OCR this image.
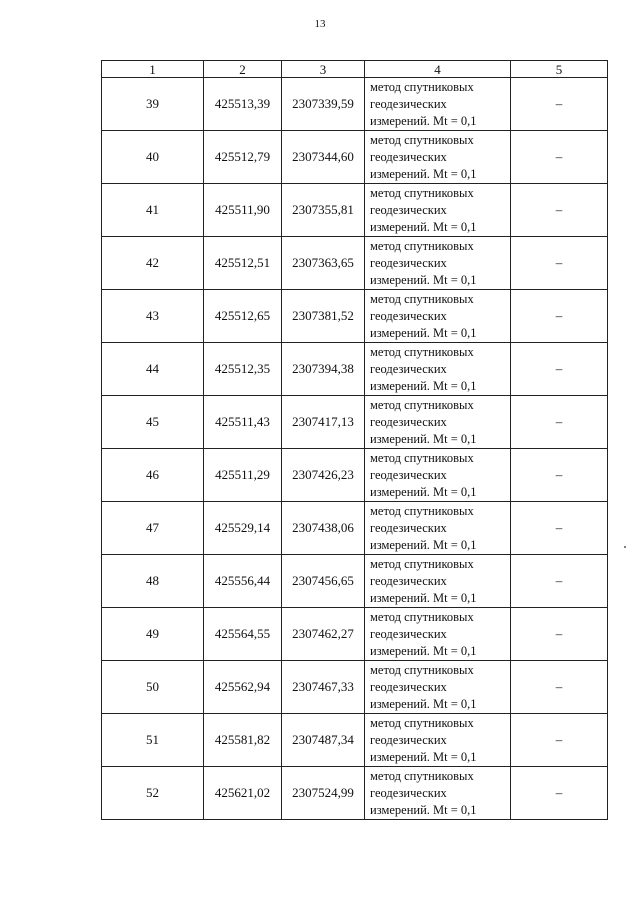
13
1	2	3	4	5
39	425513,39	2307339,59	метод спутниковых
геодезических
измерений. Mt = 0,1	–
40	425512,79	2307344,60	метод спутниковых
геодезических
измерений. Mt = 0,1	–
41	425511,90	2307355,81	метод спутниковых
геодезических
измерений. Mt = 0,1	–
42	425512,51	2307363,65	метод спутниковых
геодезических
измерений. Mt = 0,1	–
43	425512,65	2307381,52	метод спутниковых
геодезических
измерений. Mt = 0,1	–
44	425512,35	2307394,38	метод спутниковых
геодезических
измерений. Mt = 0,1	–
45	425511,43	2307417,13	метод спутниковых
геодезических
измерений. Mt = 0,1	–
46	425511,29	2307426,23	метод спутниковых
геодезических
измерений. Mt = 0,1	–
47	425529,14	2307438,06	метод спутниковых
геодезических
измерений. Mt = 0,1	–
48	425556,44	2307456,65	метод спутниковых
геодезических
измерений. Mt = 0,1	–
49	425564,55	2307462,27	метод спутниковых
геодезических
измерений. Mt = 0,1	–
50	425562,94	2307467,33	метод спутниковых
геодезических
измерений. Mt = 0,1	–
51	425581,82	2307487,34	метод спутниковых
геодезических
измерений. Mt = 0,1	–
52	425621,02	2307524,99	метод спутниковых
геодезических
измерений. Mt = 0,1	–
